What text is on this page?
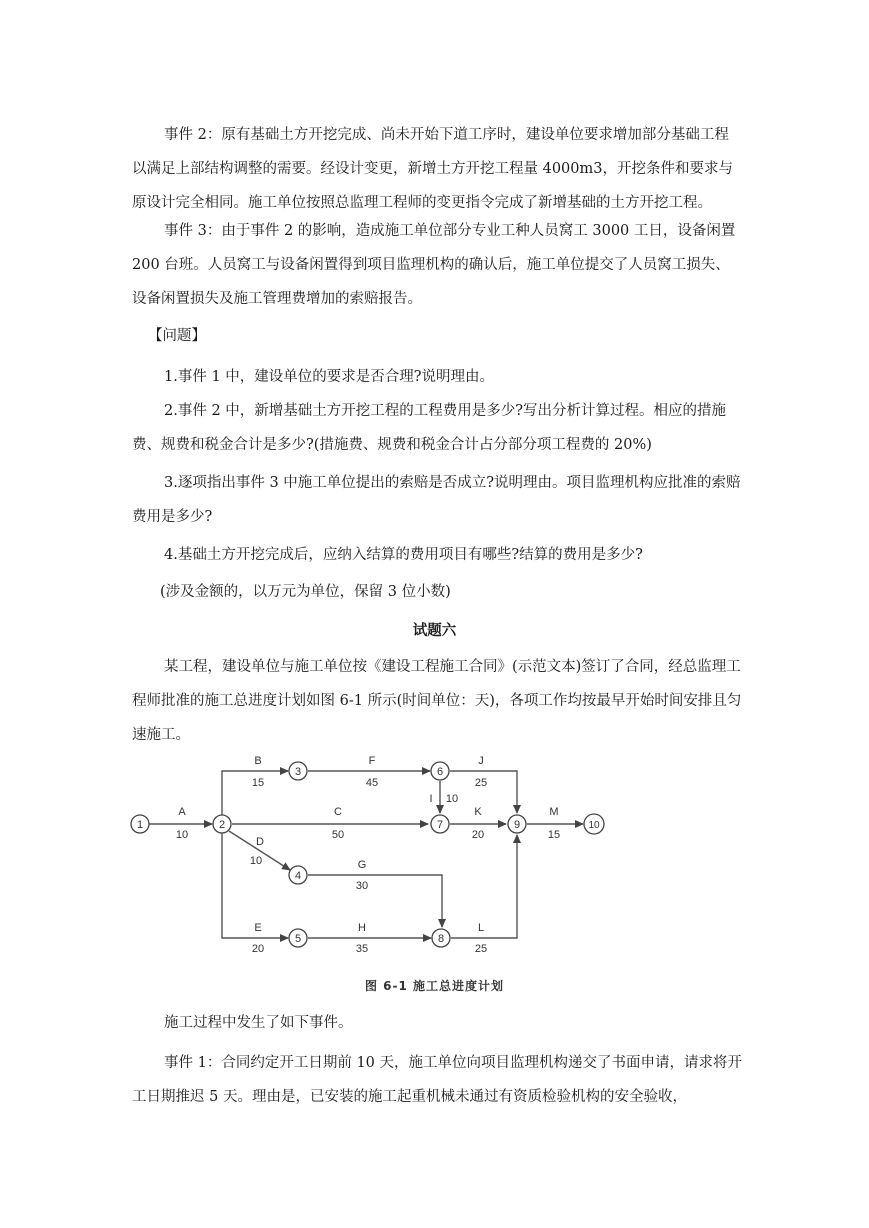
事件 2：原有基础土方开挖完成、尚未开始下道工序时，建设单位要求增加部分基础工程以满足上部结构调整的需要。经设计变更，新增土方开挖工程量 4000m3，开挖条件和要求与原设计完全相同。施工单位按照总监理工程师的变更指令完成了新增基础的土方开挖工程。

事件 3：由于事件 2 的影响，造成施工单位部分专业工种人员窝工 3000 工日，设备闲置 200 台班。人员窝工与设备闲置得到项目监理机构的确认后，施工单位提交了人员窝工损失、设备闲置损失及施工管理费增加的索赔报告。

【问题】

1.事件 1 中，建设单位的要求是否合理?说明理由。

2.事件 2 中，新增基础土方开挖工程的工程费用是多少?写出分析计算过程。相应的措施费、规费和税金合计是多少?(措施费、规费和税金合计占分部分项工程费的 20%)

3.逐项指出事件 3 中施工单位提出的索赔是否成立?说明理由。项目监理机构应批准的索赔费用是多少?

4.基础土方开挖完成后，应纳入结算的费用项目有哪些?结算的费用是多少?

(涉及金额的，以万元为单位，保留 3 位小数)

试题六

某工程，建设单位与施工单位按《建设工程施工合同》(示范文本)签订了合同，经总监理工程师批准的施工总进度计划如图 6-1 所示(时间单位：天)，各项工作均按最早开始时间安排且匀速施工。

1	2
3
4
5
6
7
8
9	10
A
10
B
15
C
50
D
10
E
20
F
45
G
30
H
35
I 10
J
25
K
20
L
25
M
15
图 6-1 施工总进度计划

施工过程中发生了如下事件。

事件 1：合同约定开工日期前 10 天，施工单位向项目监理机构递交了书面申请，请求将开工日期推迟 5 天。理由是，已安装的施工起重机械未通过有资质检验机构的安全验收，
